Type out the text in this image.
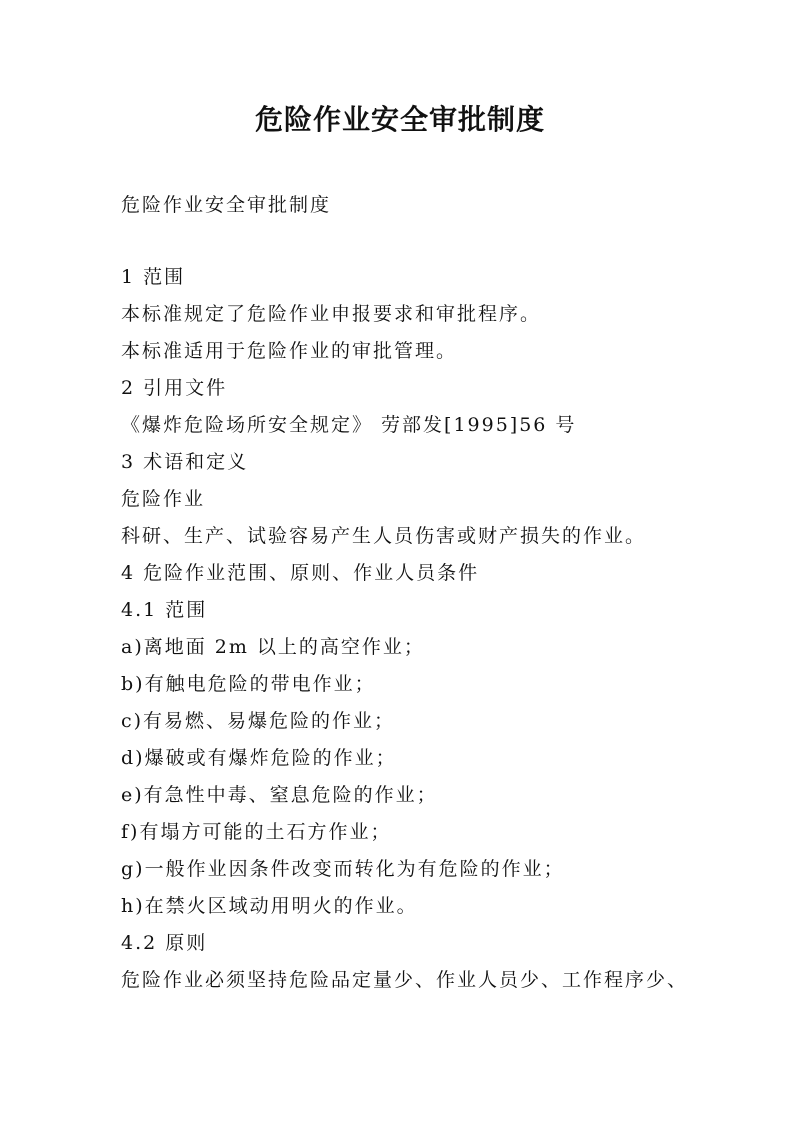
危险作业安全审批制度

危险作业安全审批制度

1 范围
本标准规定了危险作业申报要求和审批程序。
本标准适用于危险作业的审批管理。
2 引用文件
《爆炸危险场所安全规定》 劳部发[1995]56 号
3 术语和定义
危险作业
科研、生产、试验容易产生人员伤害或财产损失的作业。
4 危险作业范围、原则、作业人员条件
4.1 范围
a)离地面 2m 以上的高空作业；
b)有触电危险的带电作业；
c)有易燃、易爆危险的作业；
d)爆破或有爆炸危险的作业；
e)有急性中毒、窒息危险的作业；
f)有塌方可能的土石方作业；
g)一般作业因条件改变而转化为有危险的作业；
h)在禁火区域动用明火的作业。
4.2 原则
危险作业必须坚持危险品定量少、作业人员少、工作程序少、
